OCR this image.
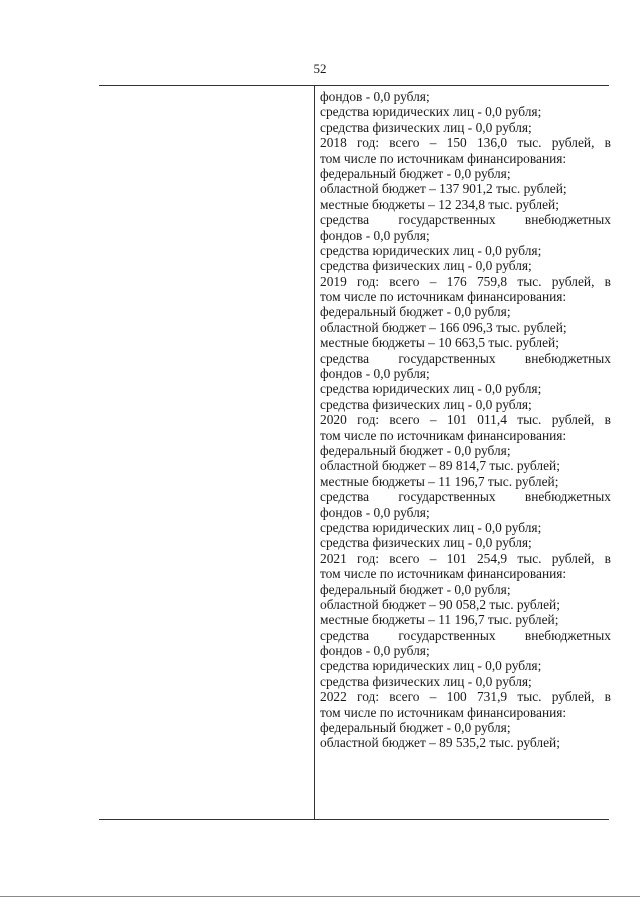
52
фондов - 0,0 рубля;
средства юридических лиц - 0,0 рубля;
средства физических лиц - 0,0 рубля;
2018 год: всего – 150 136,0 тыс. рублей, в
том числе по источникам финансирования:
федеральный бюджет - 0,0 рубля;
областной бюджет – 137 901,2 тыс. рублей;
местные бюджеты – 12 234,8 тыс. рублей;
средства государственных внебюджетных
фондов - 0,0 рубля;
средства юридических лиц - 0,0 рубля;
средства физических лиц - 0,0 рубля;
2019 год: всего – 176 759,8 тыс. рублей, в
том числе по источникам финансирования:
федеральный бюджет - 0,0 рубля;
областной бюджет – 166 096,3 тыс. рублей;
местные бюджеты – 10 663,5 тыс. рублей;
средства государственных внебюджетных
фондов - 0,0 рубля;
средства юридических лиц - 0,0 рубля;
средства физических лиц - 0,0 рубля;
2020 год: всего – 101 011,4 тыс. рублей, в
том числе по источникам финансирования:
федеральный бюджет - 0,0 рубля;
областной бюджет – 89 814,7 тыс. рублей;
местные бюджеты – 11 196,7 тыс. рублей;
средства государственных внебюджетных
фондов - 0,0 рубля;
средства юридических лиц - 0,0 рубля;
средства физических лиц - 0,0 рубля;
2021 год: всего – 101 254,9 тыс. рублей, в
том числе по источникам финансирования:
федеральный бюджет - 0,0 рубля;
областной бюджет – 90 058,2 тыс. рублей;
местные бюджеты – 11 196,7 тыс. рублей;
средства государственных внебюджетных
фондов - 0,0 рубля;
средства юридических лиц - 0,0 рубля;
средства физических лиц - 0,0 рубля;
2022 год: всего – 100 731,9 тыс. рублей, в
том числе по источникам финансирования:
федеральный бюджет - 0,0 рубля;
областной бюджет – 89 535,2 тыс. рублей;
